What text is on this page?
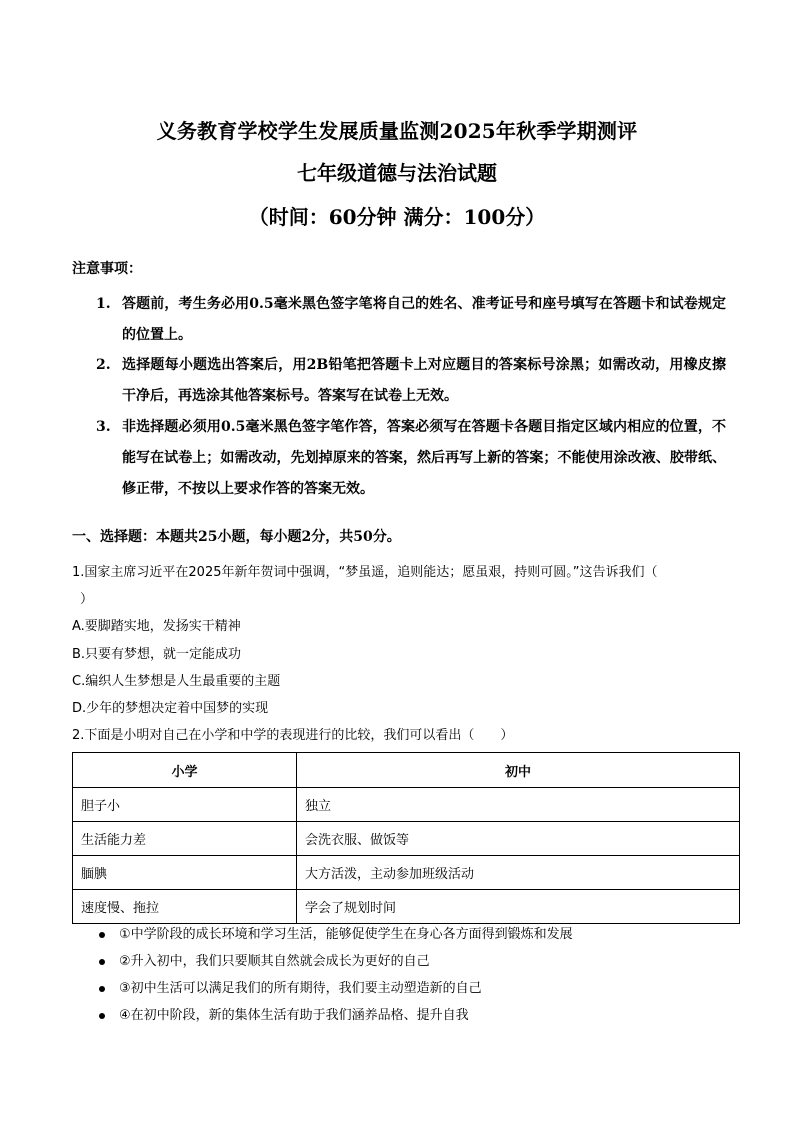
义务教育学校学生发展质量监测2025年秋季学期测评
七年级道德与法治试题
（时间：60分钟 满分：100分）
注意事项：
1. 答题前，考生务必用0.5毫米黑色签字笔将自己的姓名、准考证号和座号填写在答题卡和试卷规定的位置上。
2. 选择题每小题选出答案后，用2B铅笔把答题卡上对应题目的答案标号涂黑；如需改动，用橡皮擦干净后，再选涂其他答案标号。答案写在试卷上无效。
3. 非选择题必须用0.5毫米黑色签字笔作答，答案必须写在答题卡各题目指定区域内相应的位置，不能写在试卷上；如需改动，先划掉原来的答案，然后再写上新的答案；不能使用涂改液、胶带纸、修正带，不按以上要求作答的答案无效。
一、选择题：本题共25小题，每小题2分，共50分。
1.国家主席习近平在2025年新年贺词中强调，“梦虽遥，追则能达；愿虽艰，持则可圆。”这告诉我们（
）
A.要脚踏实地，发扬实干精神
B.只要有梦想，就一定能成功
C.编织人生梦想是人生最重要的主题
D.少年的梦想决定着中国梦的实现
2.下面是小明对自己在小学和中学的表现进行的比较，我们可以看出（　　）
小学	初中
胆子小	独立
生活能力差	会洗衣服、做饭等
腼腆	大方活泼，主动参加班级活动
速度慢、拖拉	学会了规划时间
①中学阶段的成长环境和学习生活，能够促使学生在身心各方面得到锻炼和发展
②升入初中，我们只要顺其自然就会成长为更好的自己
③初中生活可以满足我们的所有期待，我们要主动塑造新的自己
④在初中阶段，新的集体生活有助于我们涵养品格、提升自我
